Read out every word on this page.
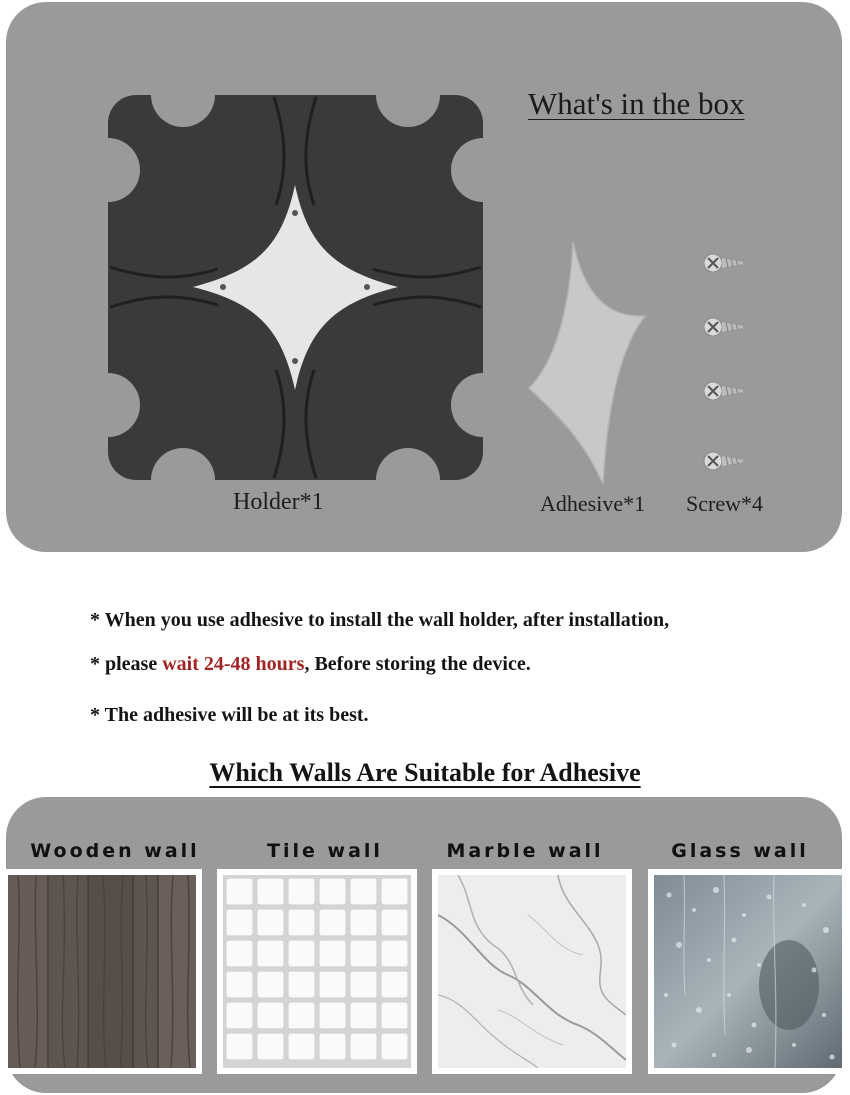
What's in the box
Holder*1	Adhesive*1 Screw*4
* When you use adhesive to install the wall holder, after installation,
* please wait 24-48 hours, Before storing the device.
* The adhesive will be at its best.
Which Walls Are Suitable for Adhesive
Wooden wall	Tile wall	Marble wall	Glass wall
